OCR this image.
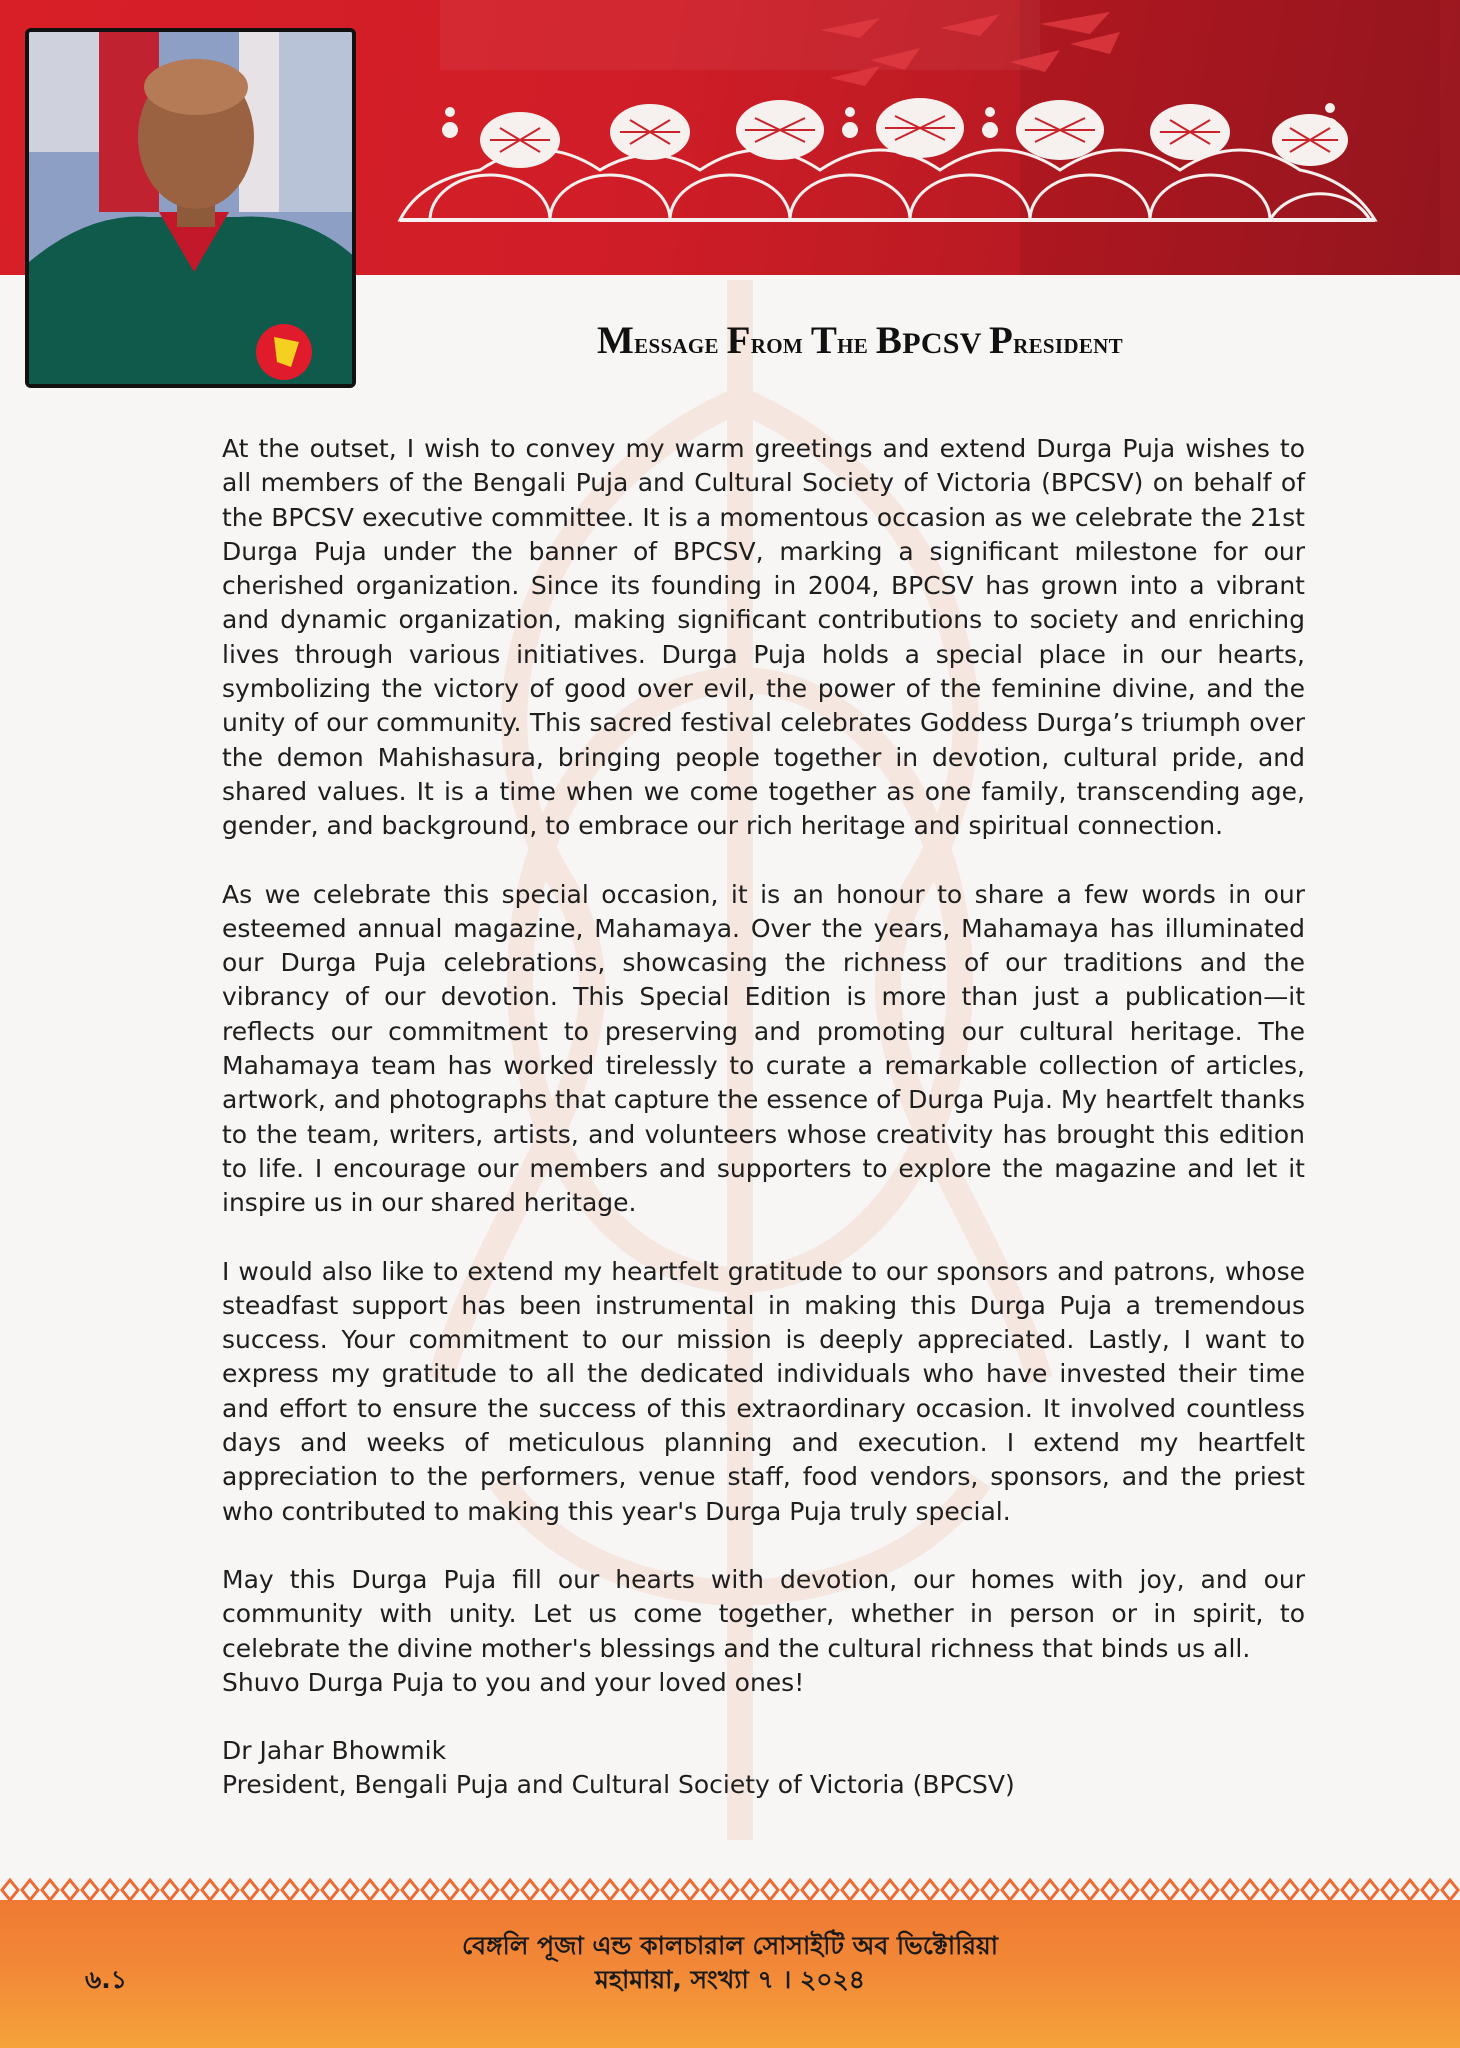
Message From The BPCSV President

At the outset, I wish to convey my warm greetings and extend Durga Puja wishes to all members of the Bengali Puja and Cultural Society of Victoria (BPCSV) on behalf of the BPCSV executive committee. It is a momentous occasion as we celebrate the 21st Durga Puja under the banner of BPCSV, marking a significant milestone for our cherished organization. Since its founding in 2004, BPCSV has grown into a vibrant and dynamic organization, making significant contributions to society and enriching lives through various initiatives. Durga Puja holds a special place in our hearts, symbolizing the victory of good over evil, the power of the feminine divine, and the unity of our community. This sacred festival celebrates Goddess Durga’s triumph over the demon Mahishasura, bringing people together in devotion, cultural pride, and shared values. It is a time when we come together as one family, transcending age, gender, and background, to embrace our rich heritage and spiritual connection.

As we celebrate this special occasion, it is an honour to share a few words in our esteemed annual magazine, Mahamaya. Over the years, Mahamaya has illuminated our Durga Puja celebrations, showcasing the richness of our traditions and the vibrancy of our devotion. This Special Edition is more than just a publication—it reflects our commitment to preserving and promoting our cultural heritage. The Mahamaya team has worked tirelessly to curate a remarkable collection of articles, artwork, and photographs that capture the essence of Durga Puja. My heartfelt thanks to the team, writers, artists, and volunteers whose creativity has brought this edition to life. I encourage our members and supporters to explore the magazine and let it inspire us in our shared heritage.

I would also like to extend my heartfelt gratitude to our sponsors and patrons, whose steadfast support has been instrumental in making this Durga Puja a tremendous success. Your commitment to our mission is deeply appreciated. Lastly, I want to express my gratitude to all the dedicated individuals who have invested their time and effort to ensure the success of this extraordinary occasion. It involved countless days and weeks of meticulous planning and execution. I extend my heartfelt appreciation to the performers, venue staff, food vendors, sponsors, and the priest who contributed to making this year's Durga Puja truly special.

May this Durga Puja fill our hearts with devotion, our homes with joy, and our community with unity. Let us come together, whether in person or in spirit, to celebrate the divine mother's blessings and the cultural richness that binds us all.
Shuvo Durga Puja to you and your loved ones!

Dr Jahar Bhowmik
President, Bengali Puja and Cultural Society of Victoria (BPCSV)
বেঙ্গলি পূজা এন্ড কালচারাল সোসাইটি অব ভিক্টোরিয়া
মহামায়া, সংখ্যা ৭ । ২০২৪
৬.১
